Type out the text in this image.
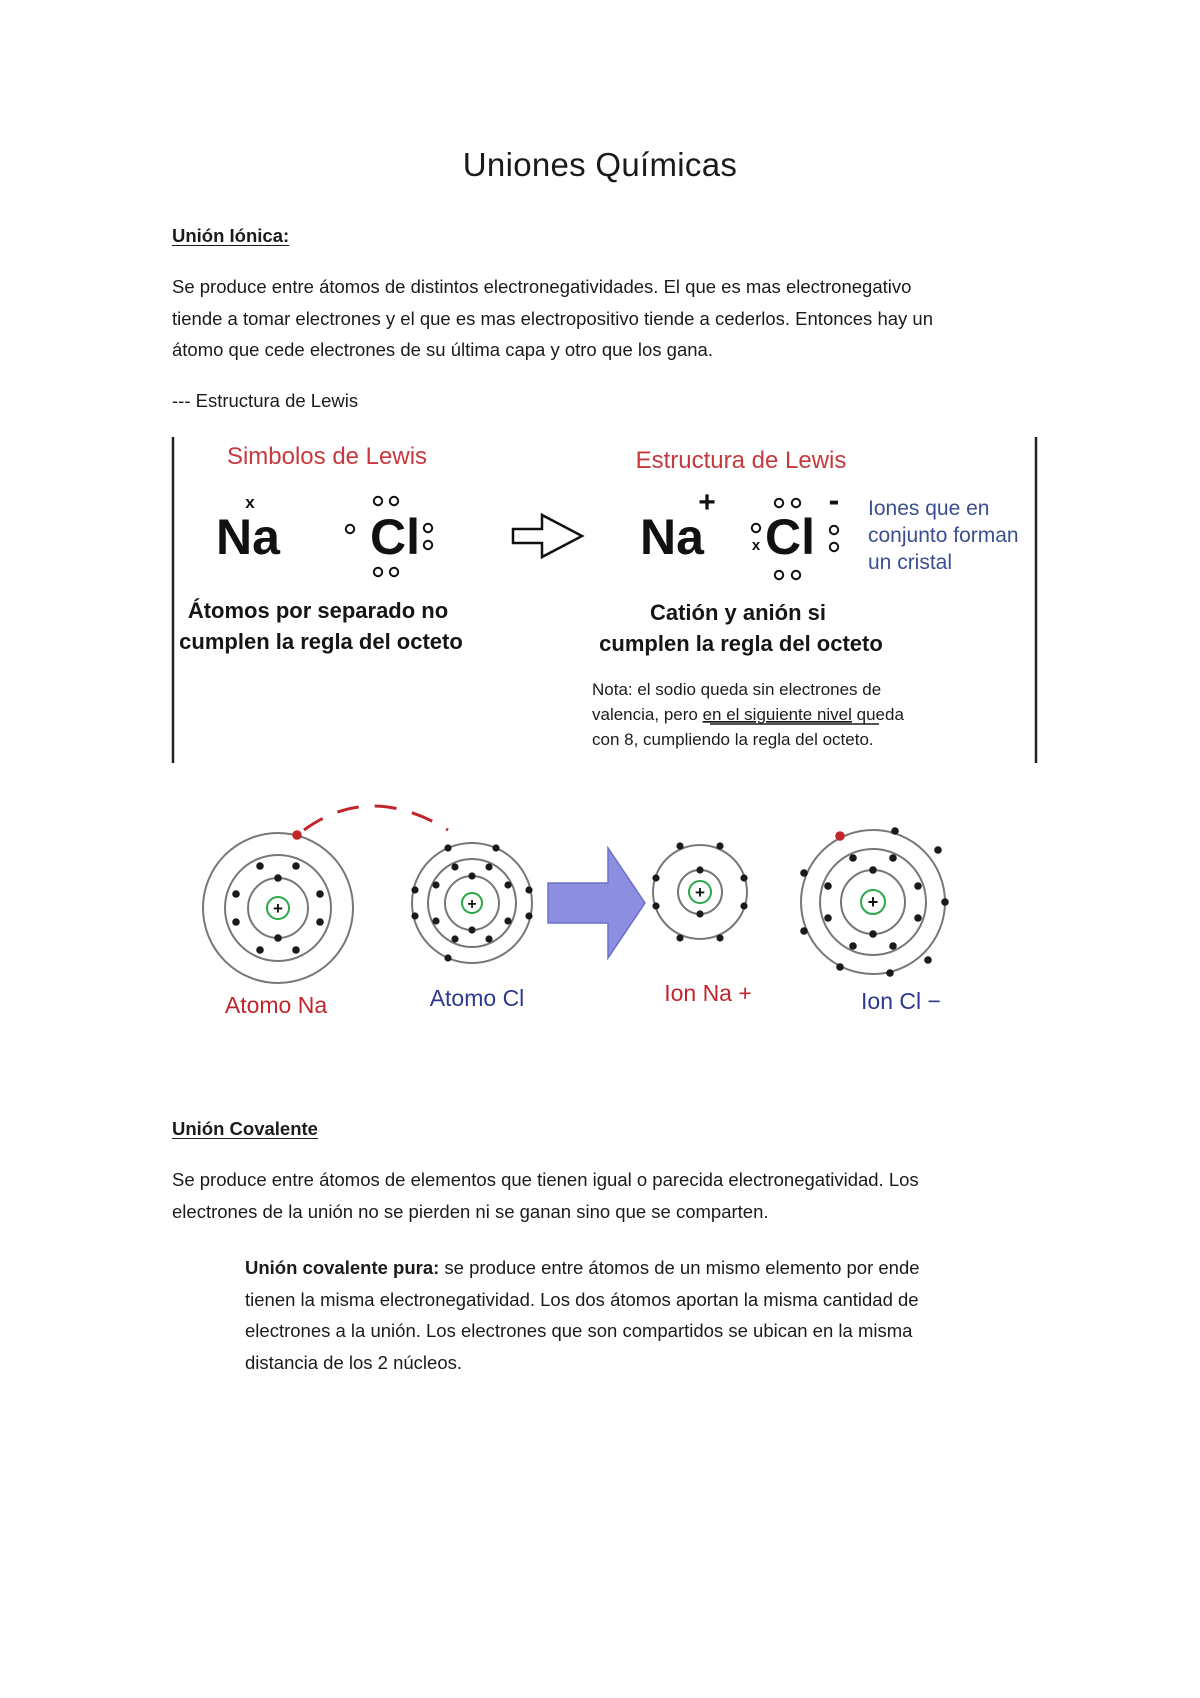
Uniones Químicas
Unión Iónica:
Se produce entre átomos de distintos electronegatividades. El que es mas electronegativo
tiende a tomar electrones y el que es mas electropositivo tiende a cederlos. Entonces hay un
átomo que cede electrones de su última capa y otro que los gana.
--- Estructura de Lewis
Simbolos de Lewis	Estructura de Lewis
x
Na Cl	Na
+
Cl
-
x
Iones que en
conjunto forman
un cristal
Átomos por separado no
cumplen la regla del octeto
Catión y anión si
cumplen la regla del octeto
Nota: el sodio queda sin electrones de
valencia, pero en el siguiente nivel queda
con 8, cumpliendo la regla del octeto.
+	+
+	+
Atomo Na	Atomo Cl	Ion Na +	Ion Cl −
Unión Covalente
Se produce entre átomos de elementos que tienen igual o parecida electronegatividad. Los
electrones de la unión no se pierden ni se ganan sino que se comparten.
Unión covalente pura: se produce entre átomos de un mismo elemento por ende
tienen la misma electronegatividad. Los dos átomos aportan la misma cantidad de
electrones a la unión. Los electrones que son compartidos se ubican en la misma
distancia de los 2 núcleos.
